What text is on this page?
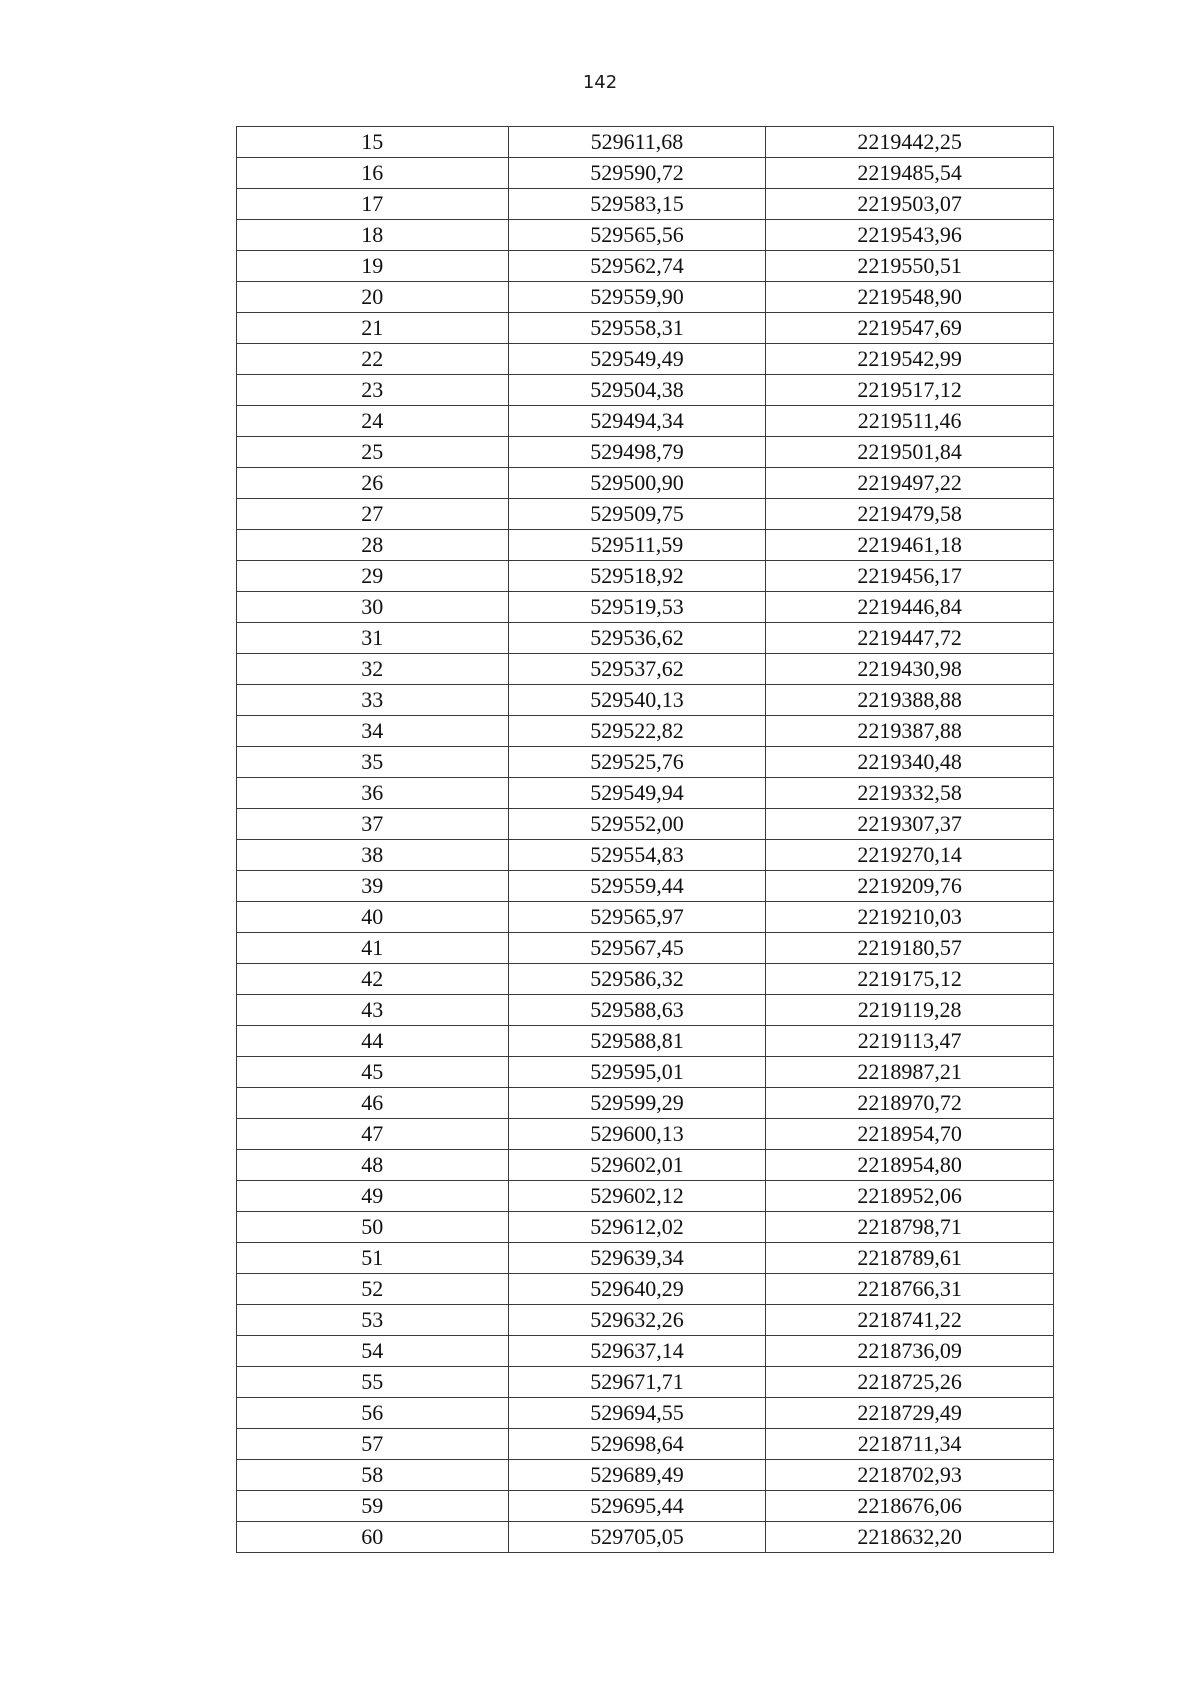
142
15	529611,68	2219442,25
16	529590,72	2219485,54
17	529583,15	2219503,07
18	529565,56	2219543,96
19	529562,74	2219550,51
20	529559,90	2219548,90
21	529558,31	2219547,69
22	529549,49	2219542,99
23	529504,38	2219517,12
24	529494,34	2219511,46
25	529498,79	2219501,84
26	529500,90	2219497,22
27	529509,75	2219479,58
28	529511,59	2219461,18
29	529518,92	2219456,17
30	529519,53	2219446,84
31	529536,62	2219447,72
32	529537,62	2219430,98
33	529540,13	2219388,88
34	529522,82	2219387,88
35	529525,76	2219340,48
36	529549,94	2219332,58
37	529552,00	2219307,37
38	529554,83	2219270,14
39	529559,44	2219209,76
40	529565,97	2219210,03
41	529567,45	2219180,57
42	529586,32	2219175,12
43	529588,63	2219119,28
44	529588,81	2219113,47
45	529595,01	2218987,21
46	529599,29	2218970,72
47	529600,13	2218954,70
48	529602,01	2218954,80
49	529602,12	2218952,06
50	529612,02	2218798,71
51	529639,34	2218789,61
52	529640,29	2218766,31
53	529632,26	2218741,22
54	529637,14	2218736,09
55	529671,71	2218725,26
56	529694,55	2218729,49
57	529698,64	2218711,34
58	529689,49	2218702,93
59	529695,44	2218676,06
60	529705,05	2218632,20
